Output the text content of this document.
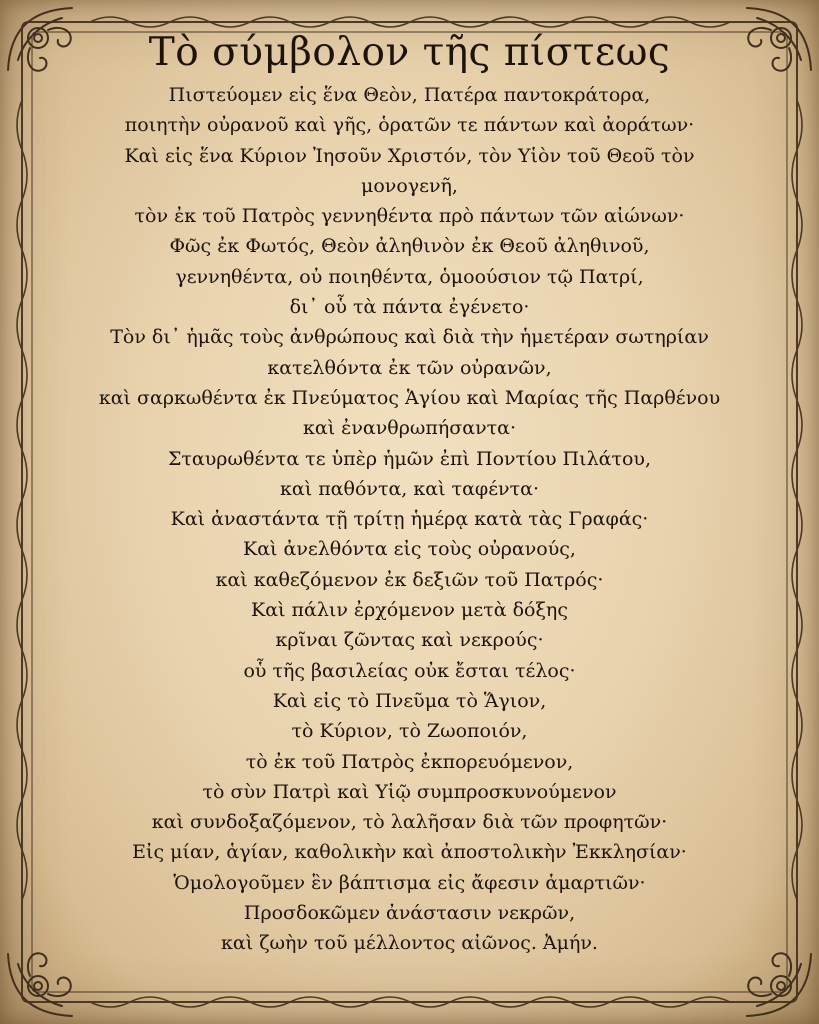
Τὸ σύμβολον τῆς πίστεως
Πιστεύομεν εἰς ἕνα Θεὸν, Πατέρα παντοκράτορα,
ποιητὴν οὐρανοῦ καὶ γῆς, ὁρατῶν τε πάντων καὶ ἀοράτων·
Καὶ εἰς ἕνα Κύριον Ἰησοῦν Χριστόν, τὸν Υἱὸν τοῦ Θεοῦ τὸν μονογενῆ,
τὸν ἐκ τοῦ Πατρὸς γεννηθέντα πρὸ πάντων τῶν αἰώνων·
Φῶς ἐκ Φωτός, Θεὸν ἀληθινὸν ἐκ Θεοῦ ἀληθινοῦ,
γεννηθέντα, οὐ ποιηθέντα, ὁμοούσιον τῷ Πατρί,
δι᾽ οὗ τὰ πάντα ἐγένετο·
Τὸν δι᾽ ἡμᾶς τοὺς ἀνθρώπους καὶ διὰ τὴν ἡμετέραν σωτηρίαν
κατελθόντα ἐκ τῶν οὐρανῶν,
καὶ σαρκωθέντα ἐκ Πνεύματος Ἁγίου καὶ Μαρίας τῆς Παρθένου
καὶ ἐνανθρωπήσαντα·
Σταυρωθέντα τε ὑπὲρ ἡμῶν ἐπὶ Ποντίου Πιλάτου,
καὶ παθόντα, καὶ ταφέντα·
Καὶ ἀναστάντα τῇ τρίτῃ ἡμέρᾳ κατὰ τὰς Γραφάς·
Καὶ ἀνελθόντα εἰς τοὺς οὐρανούς,
καὶ καθεζόμενον ἐκ δεξιῶν τοῦ Πατρός·
Καὶ πάλιν ἐρχόμενον μετὰ δόξης
κρῖναι ζῶντας καὶ νεκρούς·
οὗ τῆς βασιλείας οὐκ ἔσται τέλος·
Καὶ εἰς τὸ Πνεῦμα τὸ Ἅγιον,
τὸ Κύριον, τὸ Ζωοποιόν,
τὸ ἐκ τοῦ Πατρὸς ἐκπορευόμενον,
τὸ σὺν Πατρὶ καὶ Υἱῷ συμπροσκυνούμενον
καὶ συνδοξαζόμενον, τὸ λαλῆσαν διὰ τῶν προφητῶν·
Εἰς μίαν, ἁγίαν, καθολικὴν καὶ ἀποστολικὴν Ἐκκλησίαν·
Ὁμολογοῦμεν ἓν βάπτισμα εἰς ἄφεσιν ἁμαρτιῶν·
Προσδοκῶμεν ἀνάστασιν νεκρῶν,
καὶ ζωὴν τοῦ μέλλοντος αἰῶνος. Ἀμήν.
